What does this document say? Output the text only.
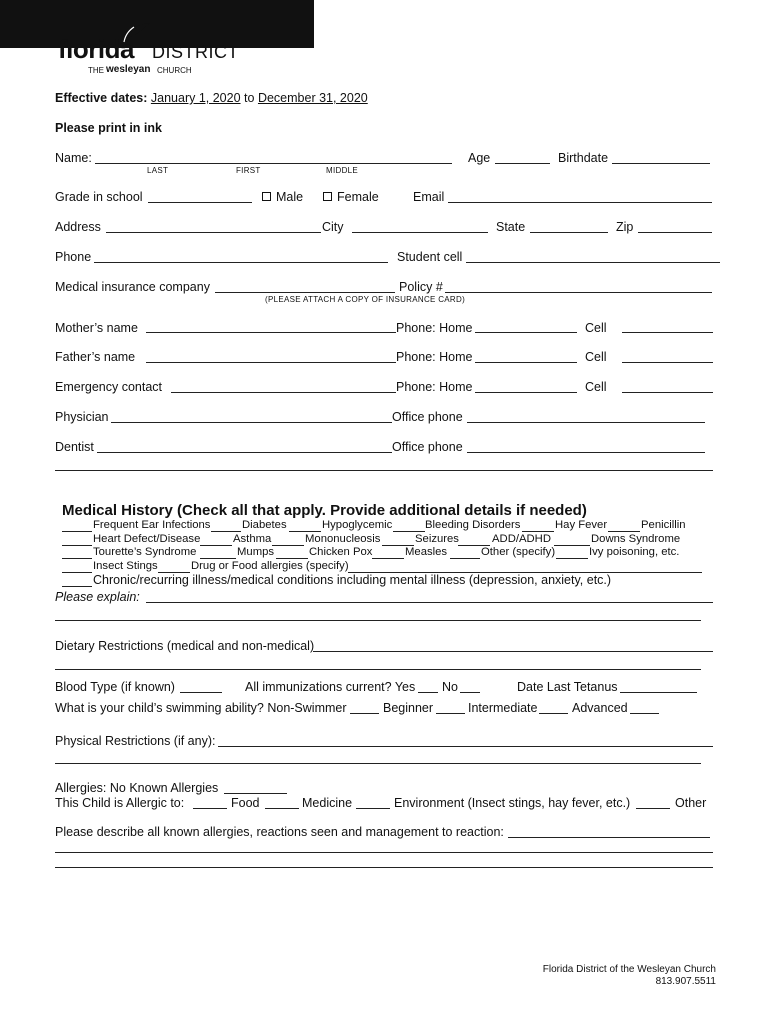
florida DISTRICT
THE wesleyan CHURCH
Medical Release Form
Florida District of the Wesleyan Church
Effective dates: January 1, 2020 to December 31, 2020
Please print in ink
Name:
LAST	FIRST	MIDDLE
Age	Birthdate
Grade in school	Male	Female	Email
Address	City	State	Zip
Phone	Student cell
Medical insurance company	Policy #
(PLEASE ATTACH A COPY OF INSURANCE CARD)
Mother’s name	Phone: Home	Cell
Father’s name	Phone: Home	Cell
Emergency contact	Phone: Home	Cell
Physician	Office phone
Dentist	Office phone
Medical History (Check all that apply. Provide additional details if needed)
Frequent Ear Infections	Diabetes	Hypoglycemic	Bleeding Disorders	Hay Fever	Penicillin
Heart Defect/Disease	Asthma	Mononucleosis	Seizures	ADD/ADHD	Downs Syndrome
Tourette’s Syndrome	Mumps	Chicken Pox	Measles	Other (specify)	Ivy poisoning, etc.
Insect Stings	Drug or Food allergies (specify)
Chronic/recurring illness/medical conditions including mental illness (depression, anxiety, etc.)
Please explain:
Dietary Restrictions (medical and non-medical)
Blood Type (if known)	All immunizations current? Yes No	Date Last Tetanus
What is your child’s swimming ability? Non-Swimmer	Beginner	Intermediate	Advanced
Physical Restrictions (if any):
Allergies: No Known Allergies
This Child is Allergic to:	Food	Medicine	Environment (Insect stings, hay fever, etc.)	Other
Please describe all known allergies, reactions seen and management to reaction:
Florida District of the Wesleyan Church
813.907.5511
